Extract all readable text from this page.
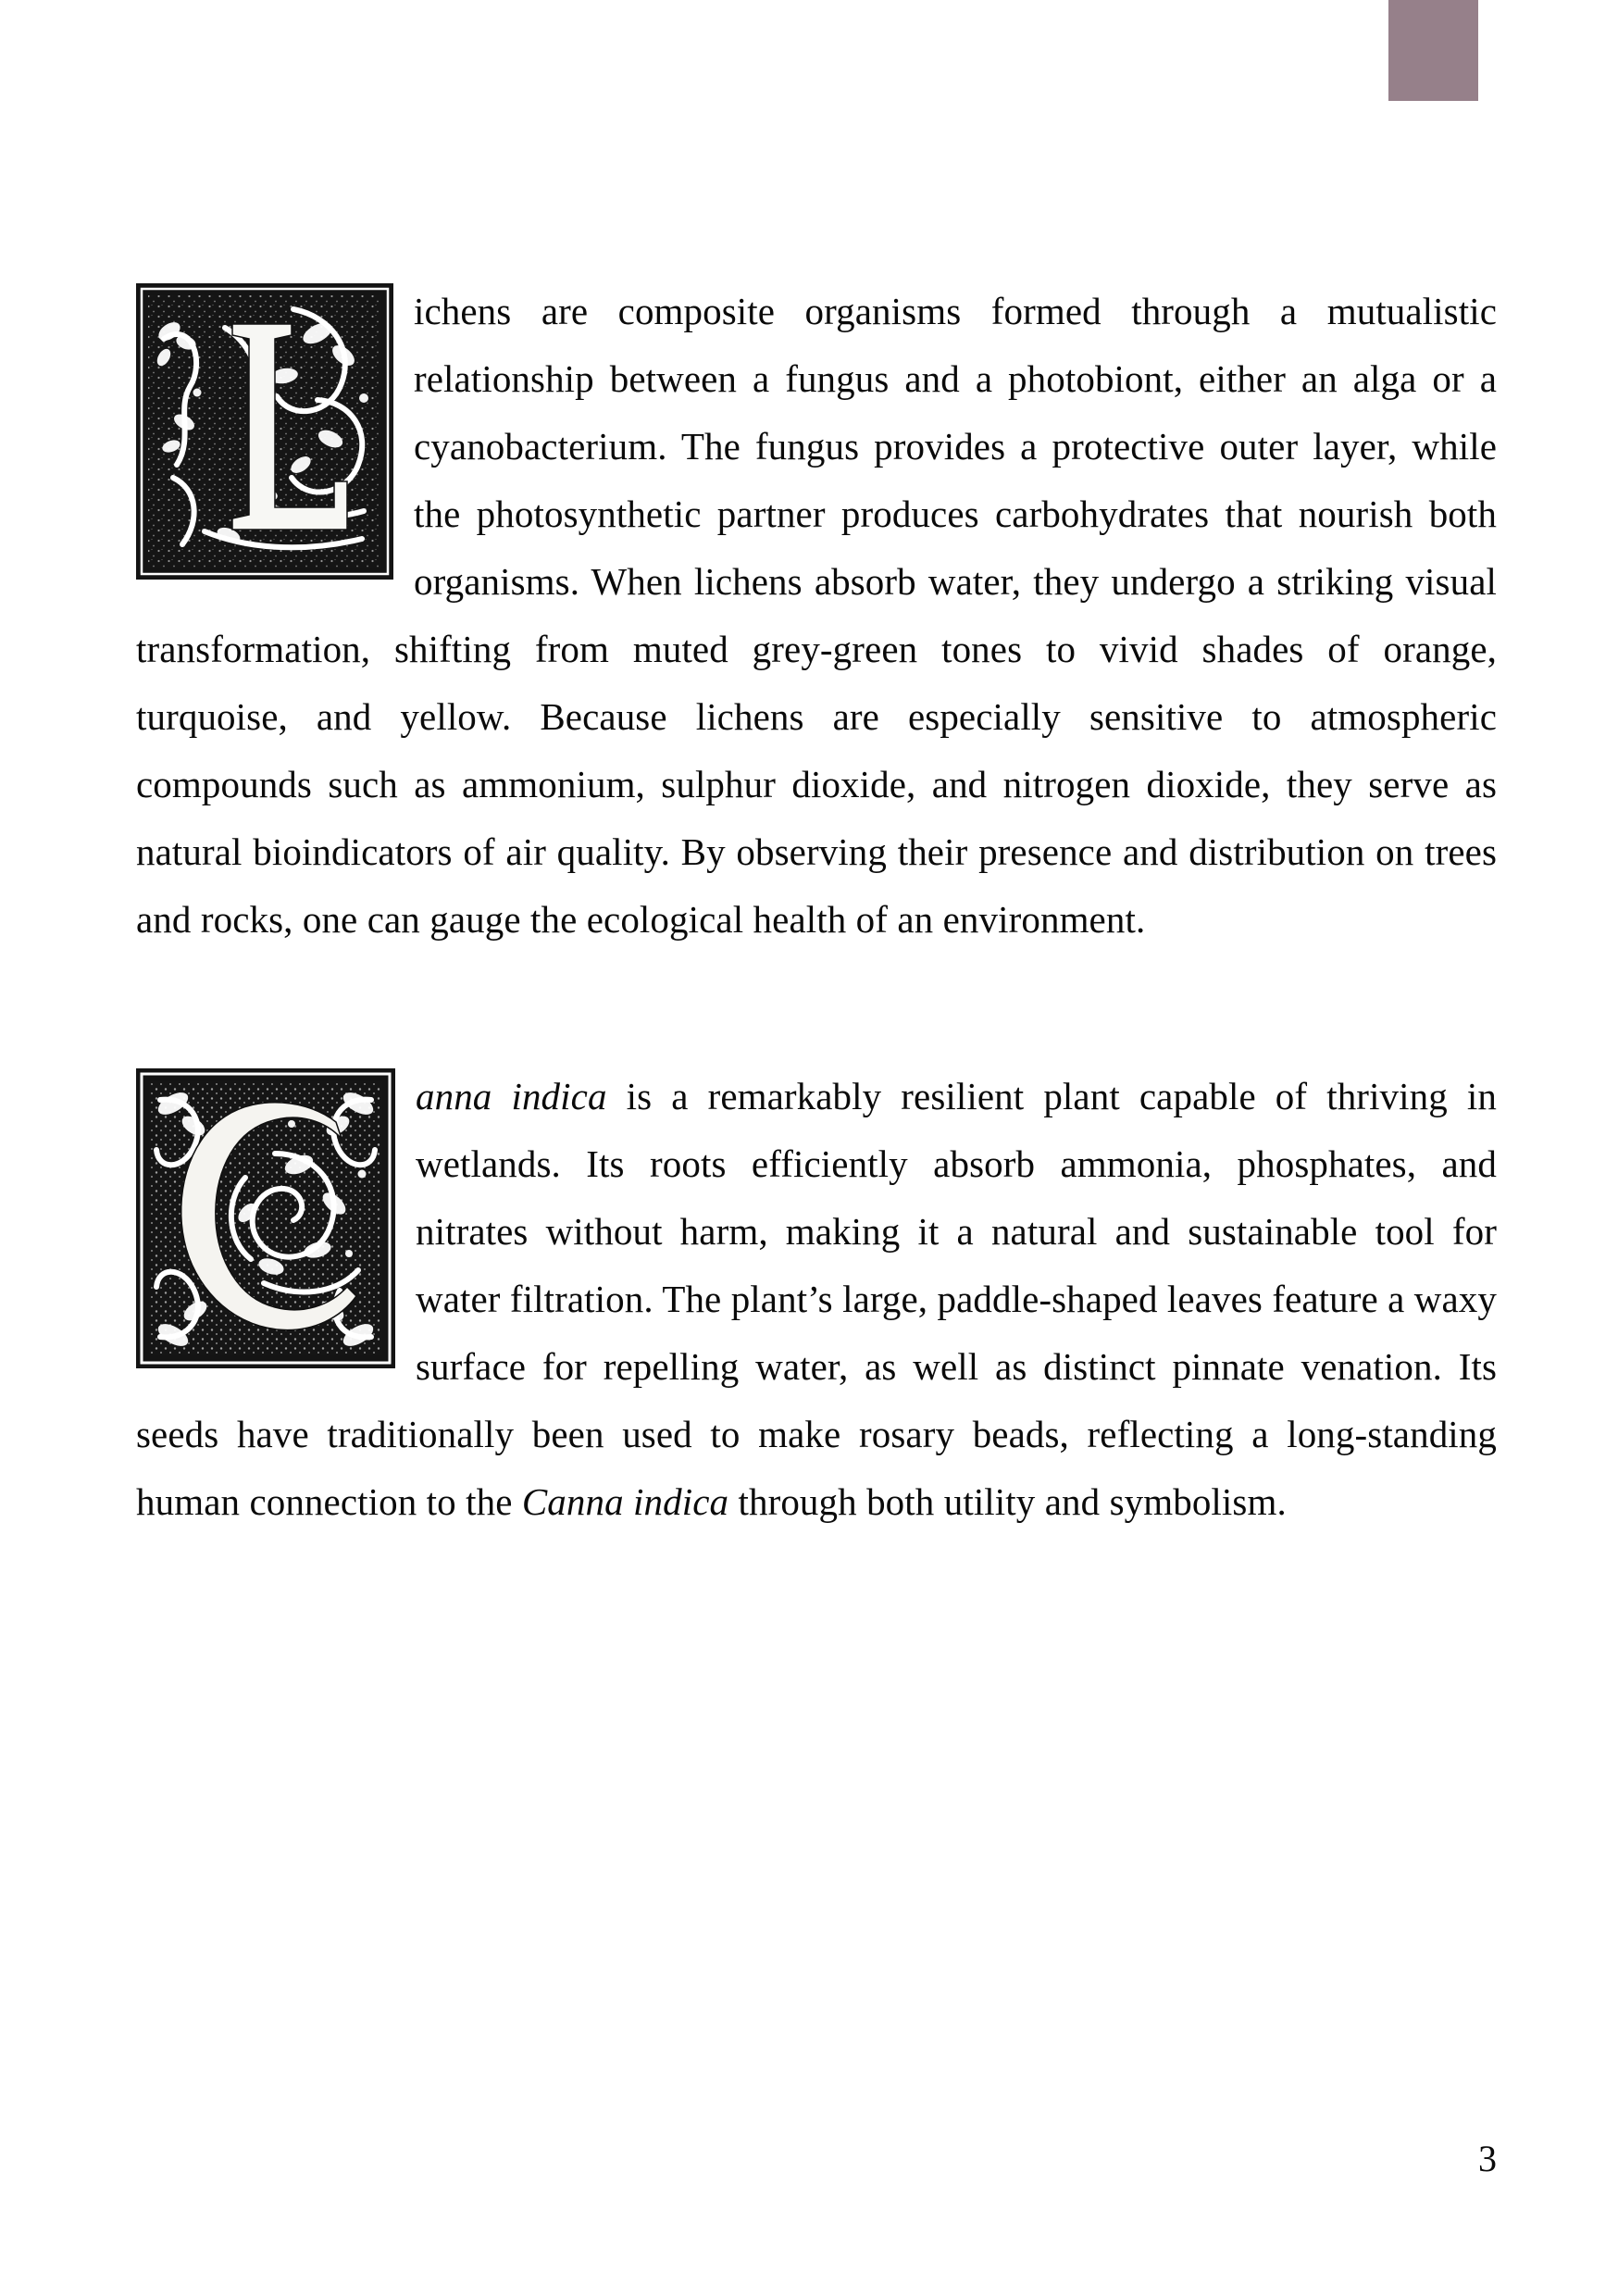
ichens are composite organisms formed through a mutualistic relationship between a fungus and a photobiont, either an alga or a cyanobacterium. The fungus provides a protective outer layer, while the photosynthetic partner produces carbohydrates that nourish both organisms. When lichens absorb water, they undergo a striking visual transformation, shifting from muted grey-green tones to vivid shades of orange, turquoise, and yellow. Because lichens are especially sensitive to atmospheric compounds such as ammonium, sulphur dioxide, and nitrogen dioxide, they serve as natural bioindicators of air quality. By observing their presence and distribution on trees and rocks, one can gauge the ecological health of an environment.

anna indica is a remarkably resilient plant capable of thriving in wetlands. Its roots efficiently absorb ammonia, phosphates, and nitrates without harm, making it a natural and sustainable tool for water filtration. The plant’s large, paddle-shaped leaves feature a waxy surface for repelling water, as well as distinct pinnate venation. Its seeds have traditionally been used to make rosary beads, reflecting a long-standing human connection to the Canna indica through both utility and symbolism.

3
